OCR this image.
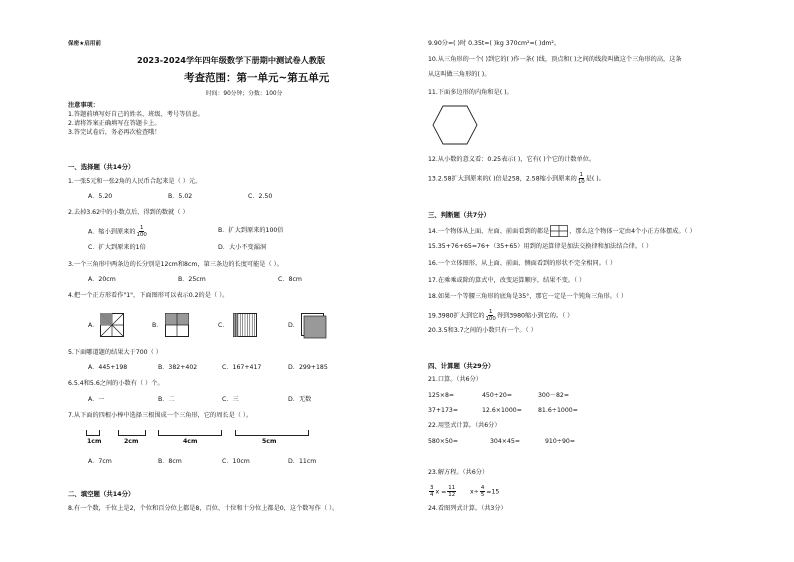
保密★启用前
2023-2024学年四年级数学下册期中测试卷人教版
考查范围：第一单元~第五单元
时间：90分钟；分数：100分
注意事项：
1.答题前填写好自己的姓名、班级、考号等信息。
2.请将答案正确填写在答题卡上。
3.答完试卷后，务必再次检查哦！
一、选择题（共14分）
1.一张5元和一张2角的人民币合起来是（ ）元。
A．5.20	B．5.02	C．2.50
2.去掉3.62中的小数点后，得到的数就（ ）
A．缩小到原来的 $\frac{1}{100}$	B．扩大到原来的100倍
C．扩大到原来的1倍	D．大小不变漏洞
3.一个三角形中两条边的长分别是12cm和8cm，第三条边的长度可能是（ ）。
A．20cm	B．25cm	C．8cm
4.把一个正方形看作"1"，下面图形可以表示0.2的是（ ）。
A．	B．	C．	D．
5.下面哪道题的结果大于700（ ）
A．445+198	B．382+402	C．167+417	D．299+185
6.5.4和5.6之间的小数有（ ）个。
A．一	B．二	C．三	D．无数
7.从下面的四根小棒中选择三根围成一个三角形，它的周长是（ ）。
1cm	2cm	4cm	5cm
A．7cm	B．8cm	C．10cm	D．11cm
二、填空题（共14分）
8.有一个数，千位上是2，个位和百分位上都是8，百位、十位和十分位上都是0，这个数写作（ ）。
9.90分=( )时 0.35t=( )kg 370cm²=( )dm²。
10.从三角形的一个( )到它的( )作一条( )线，顶点和( )之间的线段叫做这个三角形的高，这条
从这叫做三角形的( )。
11.下面多边形的内角和是( )。
12.从小数的意义看：0.25表示( )，它有( )个它的计数单位。
13.2.58扩大到原来的( )倍是258，2.58缩小到原来的 $\frac{1}{10}$ 是( )。
三、判断题（共7分）
14.一个物体从上面、左面、前面看到的都是	，那么这个物体一定由4个小正方体摆成。（ ）
15.35+76+65=76+（35+65）用到的运算律是加法交换律和加法结合律。（ ）
16.一个立体图形，从上面、前面、侧面看到的形状不完全相同。（ ）
17.在乘乘或除的算式中，改变运算顺序，结果不变。（ ）
18.如果一个等腰三角形的底角是35°，那它一定是一个钝角三角形。（ ）
19.3980扩大到它的 $\frac{1}{100}$ 得到3980缩小到它的。（ ）
20.3.5和3.7之间的小数只有一个。（ ）
四、计算题（共29分）
21.口算。（共6分）
125×8=	450÷20=	300－82=
37+173=	12.6×1000=	81.6÷1000=
22.用竖式计算。（共6分）
580×50=	304×45=	910÷90=
23.解方程。（共6分）
$\frac{3}{4}$ $x = \frac{11}{12} x\div \frac{4}{5} =15$
24.看图列式计算。（共3分）
